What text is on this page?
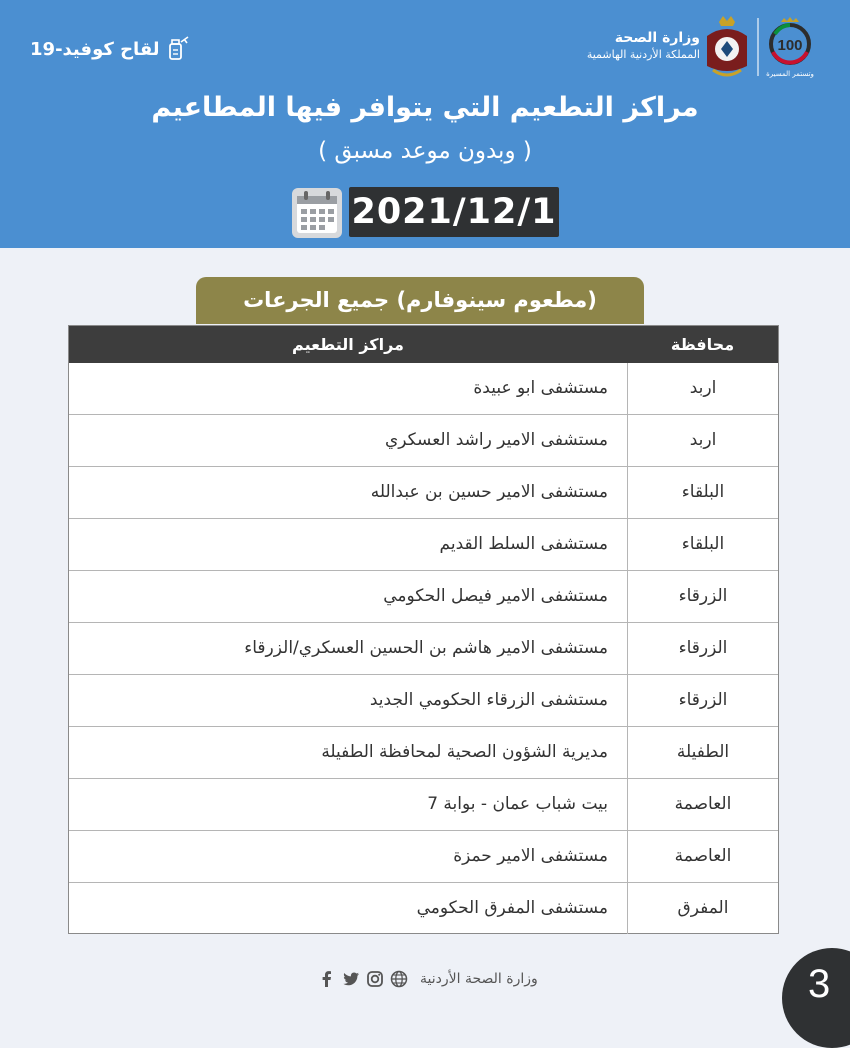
100
وتستمر المسيرة
وزارة الصحة
المملكة الأردنية الهاشمية
لقاح كوفيد-19
مراكز التطعيم التي يتوافر فيها المطاعيم
( وبدون موعد مسبق )
2021/12/1
(مطعوم سينوفارم) جميع الجرعات
محافظة
مراكز التطعيم
اربد
مستشفى ابو عبيدة
اربد
مستشفى الامير راشد العسكري
البلقاء
مستشفى الامير حسين بن عبدالله
البلقاء
مستشفى السلط القديم
الزرقاء
مستشفى الامير فيصل الحكومي
الزرقاء
مستشفى الامير هاشم بن الحسين العسكري/الزرقاء
الزرقاء
مستشفى الزرقاء الحكومي الجديد
الطفيلة
مديرية الشؤون الصحية لمحافظة الطفيلة
العاصمة
بيت شباب عمان - بوابة 7
العاصمة
مستشفى الامير حمزة
المفرق
مستشفى المفرق الحكومي
وزارة الصحة الأردنية	3
